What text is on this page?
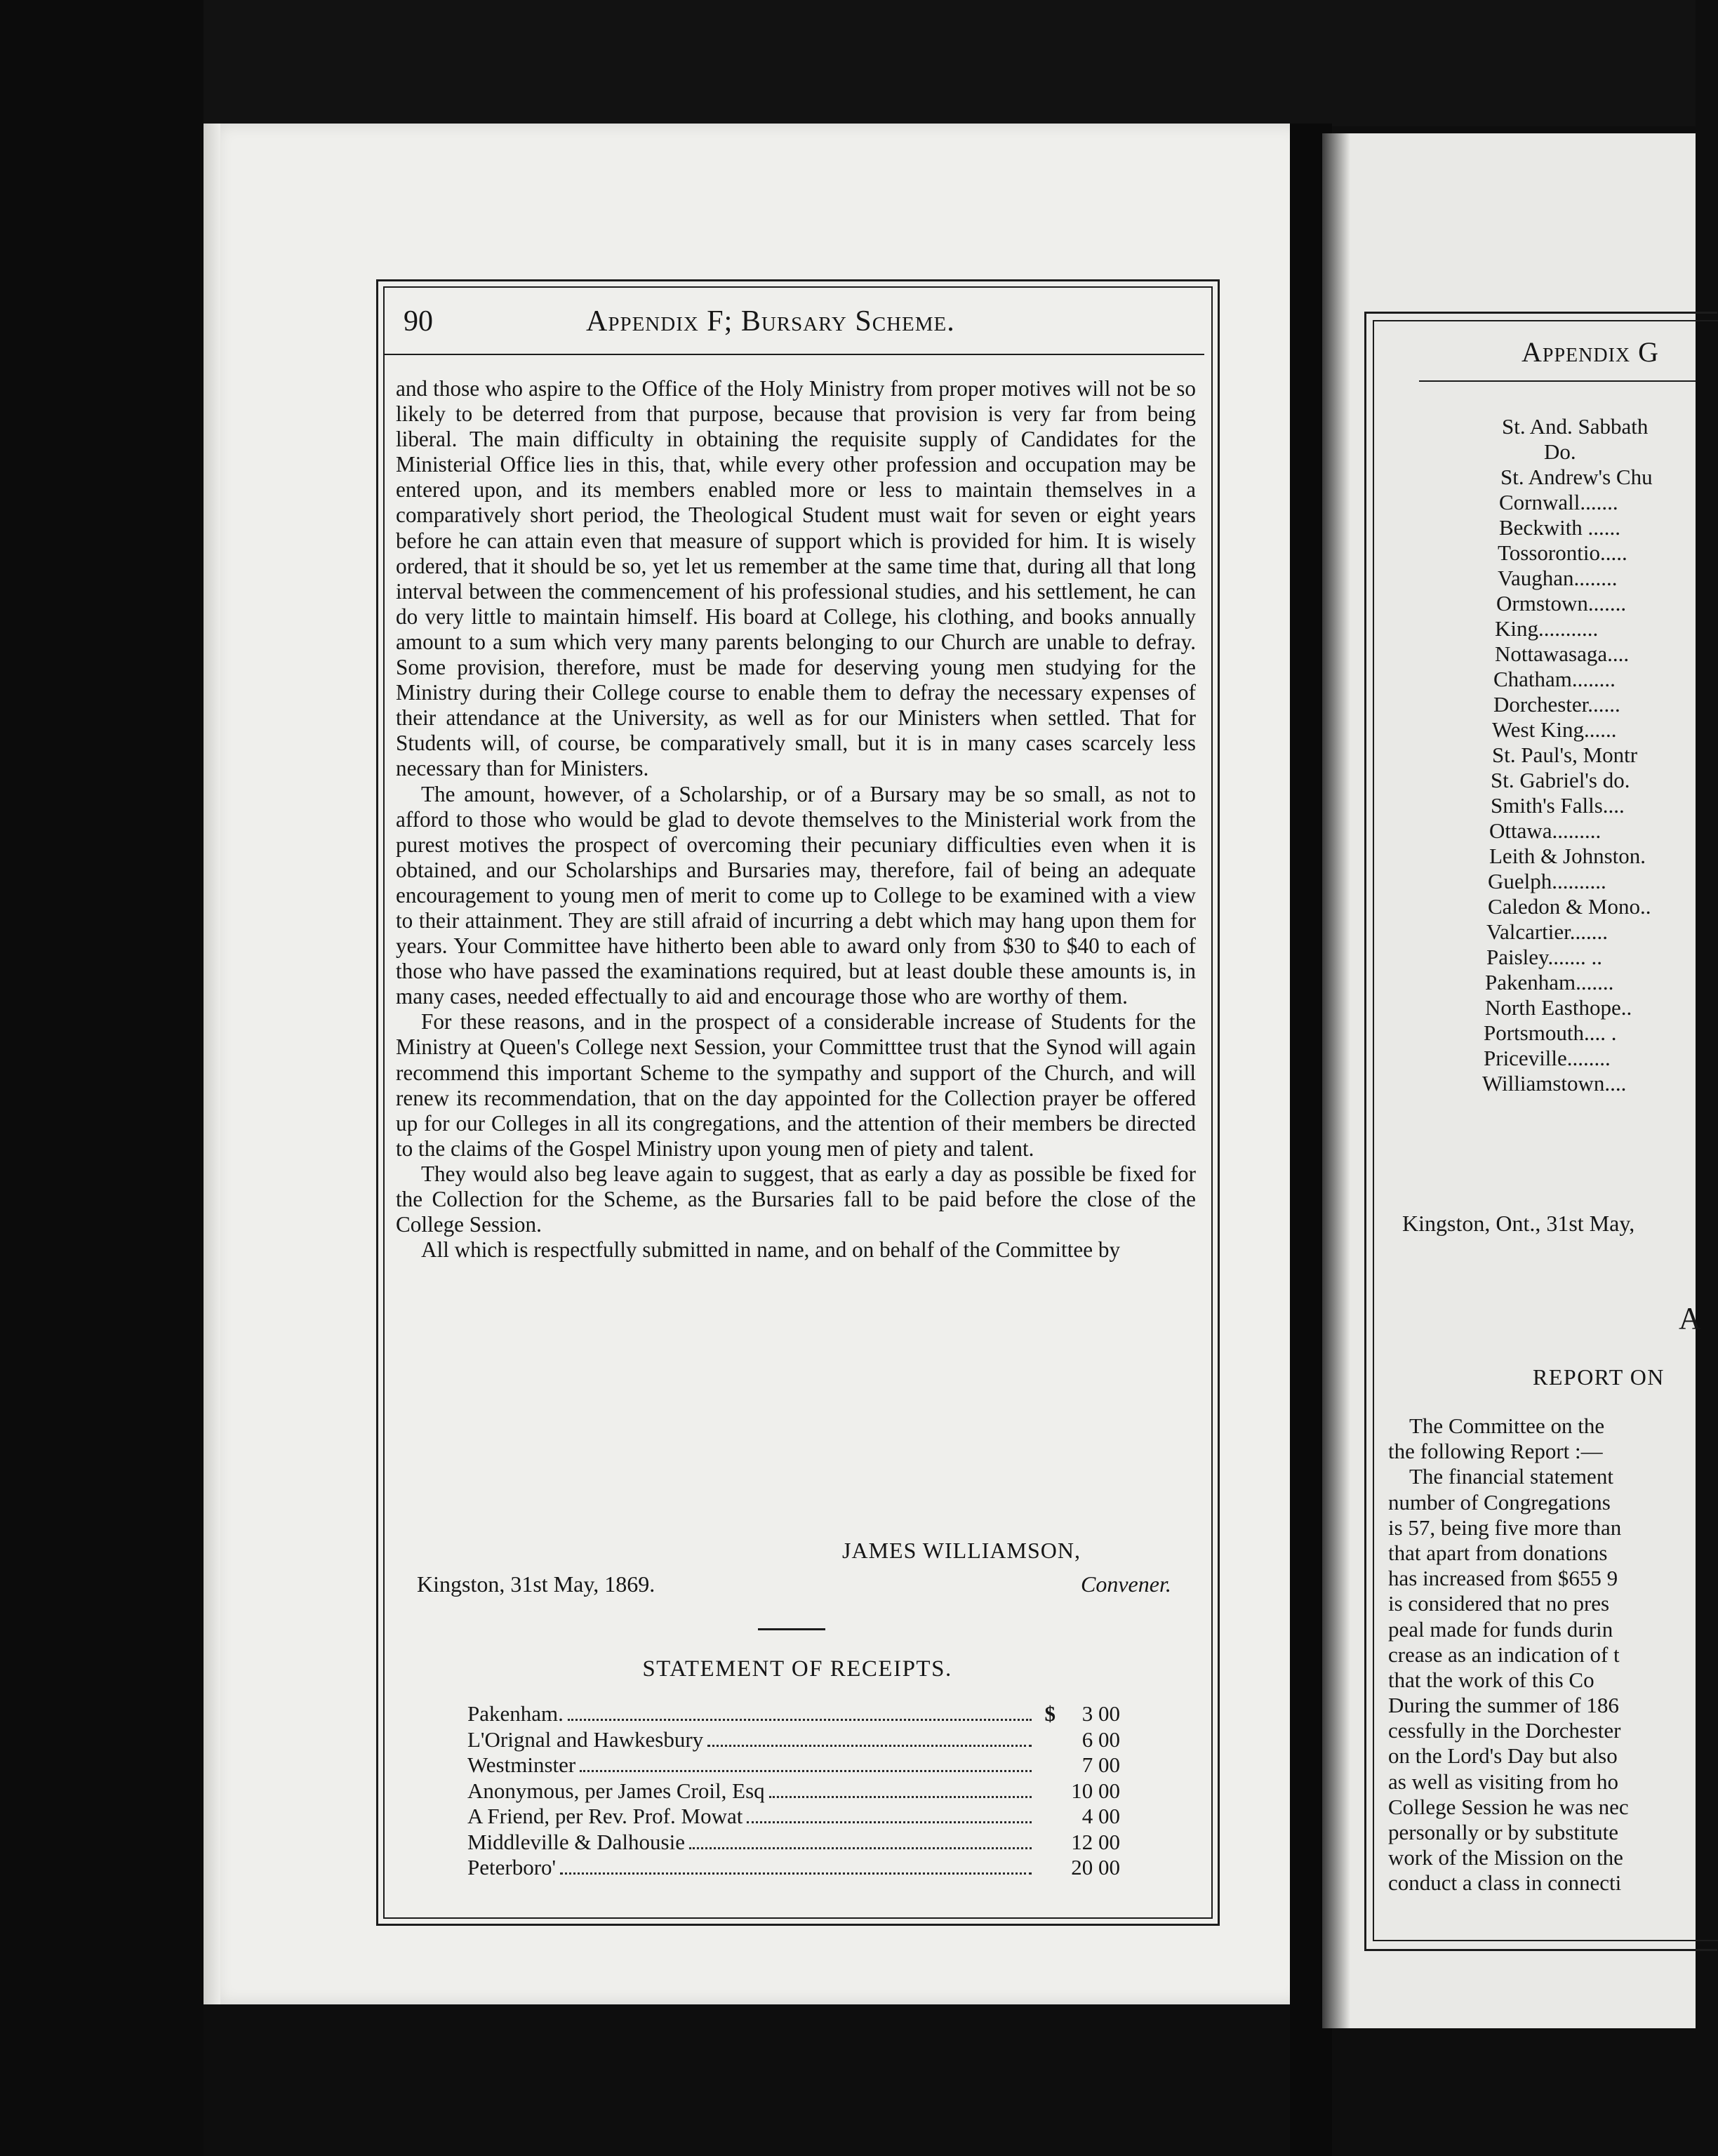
90	Appendix F; Bursary Scheme.

and those who aspire to the Office of the Holy Ministry from proper motives will not be so likely to be deterred from that purpose, because that provision is very far from being liberal. The main difficulty in obtaining the requisite supply of Candidates for the Ministerial Office lies in this, that, while every other profession and occupation may be entered upon, and its members enabled more or less to maintain themselves in a comparatively short period, the Theological Student must wait for seven or eight years before he can attain even that measure of support which is provided for him. It is wisely ordered, that it should be so, yet let us remember at the same time that, during all that long interval between the commencement of his professional studies, and his settlement, he can do very little to maintain himself. His board at College, his clothing, and books annually amount to a sum which very many parents belonging to our Church are unable to defray. Some provision, therefore, must be made for deserving young men studying for the Ministry during their College course to enable them to defray the necessary expenses of their attendance at the University, as well as for our Ministers when settled. That for Students will, of course, be comparatively small, but it is in many cases scarcely less necessary than for Ministers.

The amount, however, of a Scholarship, or of a Bursary may be so small, as not to afford to those who would be glad to devote themselves to the Ministerial work from the purest motives the prospect of overcoming their pecuniary difficulties even when it is obtained, and our Scholarships and Bursaries may, therefore, fail of being an adequate encouragement to young men of merit to come up to College to be examined with a view to their attainment. They are still afraid of incurring a debt which may hang upon them for years. Your Committee have hitherto been able to award only from $30 to $40 to each of those who have passed the examinations required, but at least double these amounts is, in many cases, needed effectually to aid and encourage those who are worthy of them.

For these reasons, and in the prospect of a considerable increase of Students for the Ministry at Queen's College next Session, your Committtee trust that the Synod will again recommend this important Scheme to the sympathy and support of the Church, and will renew its recommendation, that on the day appointed for the Collection prayer be offered up for our Colleges in all its congregations, and the attention of their members be directed to the claims of the Gospel Ministry upon young men of piety and talent.

They would also beg leave again to suggest, that as early a day as possible be fixed for the Collection for the Scheme, as the Bursaries fall to be paid before the close of the College Session.

All which is respectfully submitted in name, and on behalf of the Committee by

JAMES WILLIAMSON,
Kingston, 31st May, 1869.	Convener.
STATEMENT OF RECEIPTS.
Pakenham.	$	3 00
L'Orignal and Hawkesbury	6 00
Westminster	7 00
Anonymous, per James Croil, Esq	10 00
A Friend, per Rev. Prof. Mowat	4 00
Middleville & Dalhousie	12 00
Peterboro'	20 00
Appendix G
St. And. Sabbath
Do.
St. Andrew's Chu
Cornwall.......
Beckwith ......
Tossorontio.....
Vaughan........
Ormstown.......
King...........
Nottawasaga....
Chatham........
Dorchester......
West King......
St. Paul's, Montr
St. Gabriel's do.
Smith's Falls....
Ottawa.........
Leith & Johnston.
Guelph..........
Caledon & Mono..
Valcartier.......
Paisley....... ..
Pakenham.......
North Easthope..
Portsmouth.... .
Priceville........
Williamstown....
Kingston, Ont., 31st May,
A
REPORT ON
The Committee on the
the following Report :—
The financial statement
number of Congregations
is 57, being five more than
that apart from donations
has increased from $655 9
is considered that no pres
peal made for funds durin
crease as an indication of t
that the work of this Co
During the summer of 186
cessfully in the Dorchester
on the Lord's Day but also
as well as visiting from ho
College Session he was nec
personally or by substitute
work of the Mission on the
conduct a class in connecti
